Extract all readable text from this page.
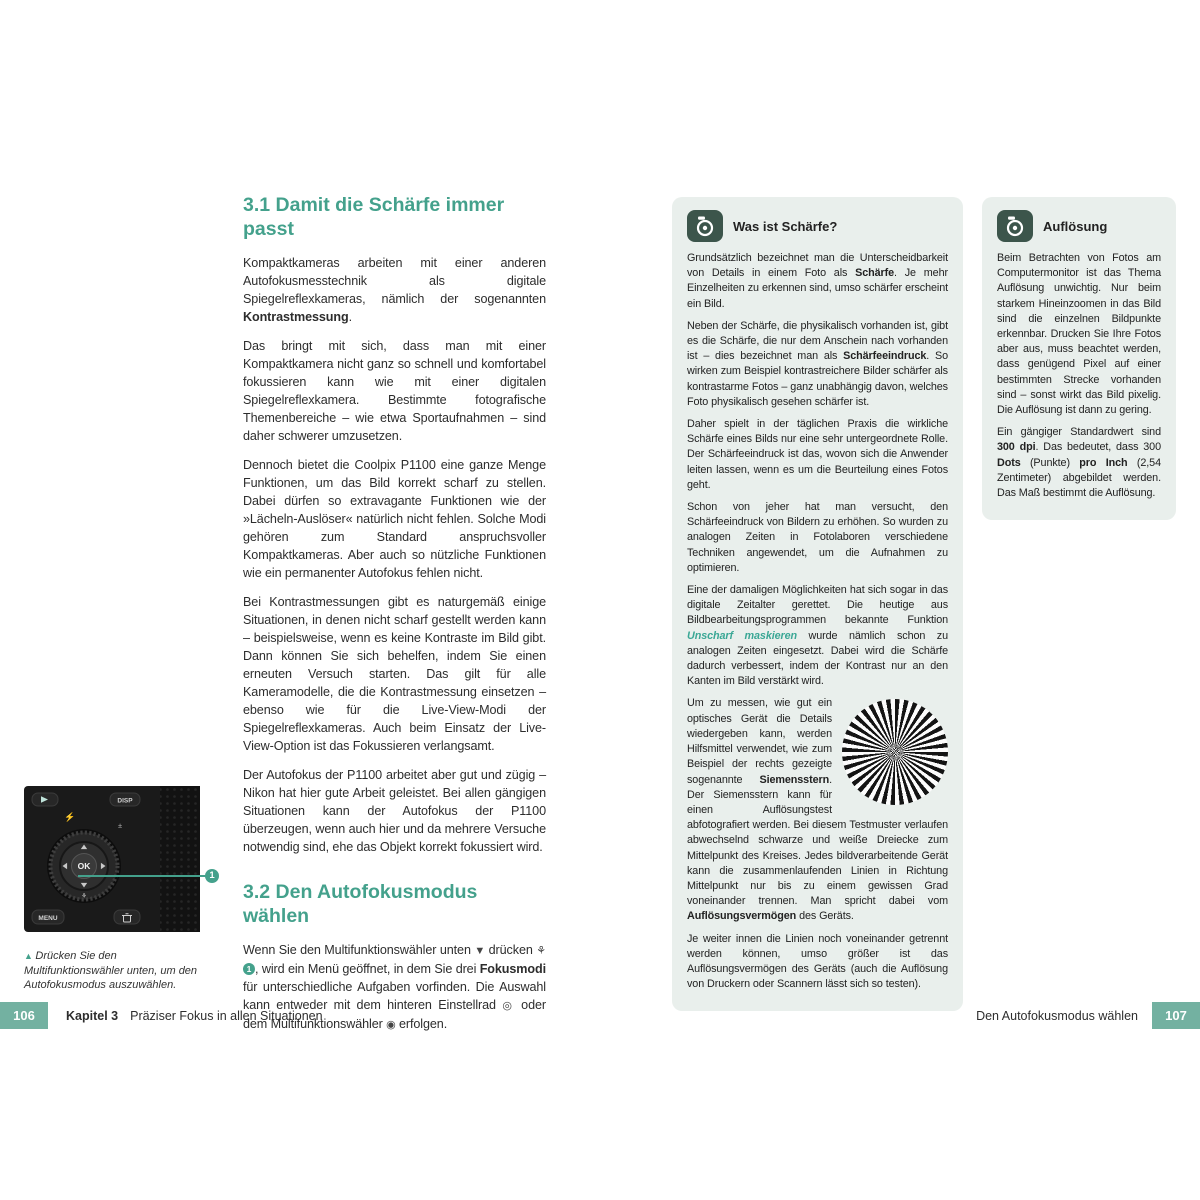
3.1 Damit die Schärfe immer passt

Kompaktkameras arbeiten mit einer anderen Autofokusmesstechnik als digitale Spiegelreflexkameras, nämlich der sogenannten Kontrastmessung.

Das bringt mit sich, dass man mit einer Kompaktkamera nicht ganz so schnell und komfortabel fokussieren kann wie mit einer digitalen Spiegelreflexkamera. Bestimmte fotografische Themenbereiche – wie etwa Sportaufnahmen – sind daher schwerer umzusetzen.

Dennoch bietet die Coolpix P1100 eine ganze Menge Funktionen, um das Bild korrekt scharf zu stellen. Dabei dürfen so extravagante Funktionen wie der »Lächeln-Auslöser« natürlich nicht fehlen. Solche Modi gehören zum Standard anspruchsvoller Kompaktkameras. Aber auch so nützliche Funktionen wie ein permanenter Autofokus fehlen nicht.

Bei Kontrastmessungen gibt es naturgemäß einige Situationen, in denen nicht scharf gestellt werden kann – beispielsweise, wenn es keine Kontraste im Bild gibt. Dann können Sie sich behelfen, indem Sie einen erneuten Versuch starten. Das gilt für alle Kameramodelle, die die Kontrastmessung einsetzen – ebenso wie für die Live-View-Modi der Spiegelreflexkameras. Auch beim Einsatz der Live-View-Option ist das Fokussieren verlangsamt.

Der Autofokus der P1100 arbeitet aber gut und zügig – Nikon hat hier gute Arbeit geleistet. Bei allen gängigen Situationen kann der Autofokus der P1100 überzeugen, wenn auch hier und da mehrere Versuche notwendig sind, ehe das Objekt korrekt fokussiert wird.

3.2 Den Autofokusmodus wählen

Wenn Sie den Multifunktionswähler unten ▼ drücken ⚘ 1 , wird ein Menü geöffnet, in dem Sie drei Fokusmodi für unterschiedliche Aufgaben vorfinden. Die Auswahl kann entweder mit dem hinteren Einstellrad ◎ oder dem Multifunktionswähler ◉ erfolgen.

DISP
⚡
±
⚘
OK
MENU
1

▲ Drücken Sie den Multifunktionswähler unten, um den Autofokusmodus auszuwählen.

Was ist Schärfe?

Grundsätzlich bezeichnet man die Unterscheidbarkeit von Details in einem Foto als Schärfe. Je mehr Einzelheiten zu erkennen sind, umso schärfer erscheint ein Bild.

Neben der Schärfe, die physikalisch vorhanden ist, gibt es die Schärfe, die nur dem Anschein nach vorhanden ist – dies bezeichnet man als Schärfeeindruck. So wirken zum Beispiel kontrastreichere Bilder schärfer als kontrastarme Fotos – ganz unabhängig davon, welches Foto physikalisch gesehen schärfer ist.

Daher spielt in der täglichen Praxis die wirkliche Schärfe eines Bilds nur eine sehr untergeordnete Rolle. Der Schärfeeindruck ist das, wovon sich die Anwender leiten lassen, wenn es um die Beurteilung eines Fotos geht.

Schon von jeher hat man versucht, den Schärfeeindruck von Bildern zu erhöhen. So wurden zu analogen Zeiten in Fotolaboren verschiedene Techniken angewendet, um die Aufnahmen zu optimieren.

Eine der damaligen Möglichkeiten hat sich sogar in das digitale Zeitalter gerettet. Die heutige aus Bildbearbeitungsprogrammen bekannte Funktion Unscharf maskieren wurde nämlich schon zu analogen Zeiten eingesetzt. Dabei wird die Schärfe dadurch verbessert, indem der Kontrast nur an den Kanten im Bild verstärkt wird.

Um zu messen, wie gut ein optisches Gerät die Details wiedergeben kann, werden Hilfsmittel verwendet, wie zum Beispiel der rechts gezeigte sogenannte Siemensstern. Der Siemensstern kann für einen Auflösungstest abfotografiert werden. Bei diesem Testmuster verlaufen abwechselnd schwarze und weiße Dreiecke zum Mittelpunkt des Kreises. Jedes bildverarbeitende Gerät kann die zusammenlaufenden Linien in Richtung Mittelpunkt nur bis zu einem gewissen Grad voneinander trennen. Man spricht dabei vom Auflösungsvermögen des Geräts.

Je weiter innen die Linien noch voneinander getrennt werden können, umso größer ist das Auflösungsvermögen des Geräts (auch die Auflösung von Druckern oder Scannern lässt sich so testen).

Auflösung

Beim Betrachten von Fotos am Computermonitor ist das Thema Auflösung unwichtig. Nur beim starkem Hineinzoomen in das Bild sind die einzelnen Bildpunkte erkennbar. Drucken Sie Ihre Fotos aber aus, muss beachtet werden, dass genügend Pixel auf einer bestimmten Strecke vorhanden sind – sonst wirkt das Bild pixelig. Die Auflösung ist dann zu gering.

Ein gängiger Standardwert sind 300 dpi. Das bedeutet, dass 300 Dots (Punkte) pro Inch (2,54 Zentimeter) abgebildet werden. Das Maß bestimmt die Auflösung.

106	Kapitel 3 Präziser Fokus in allen Situationen	Den Autofokusmodus wählen	107
